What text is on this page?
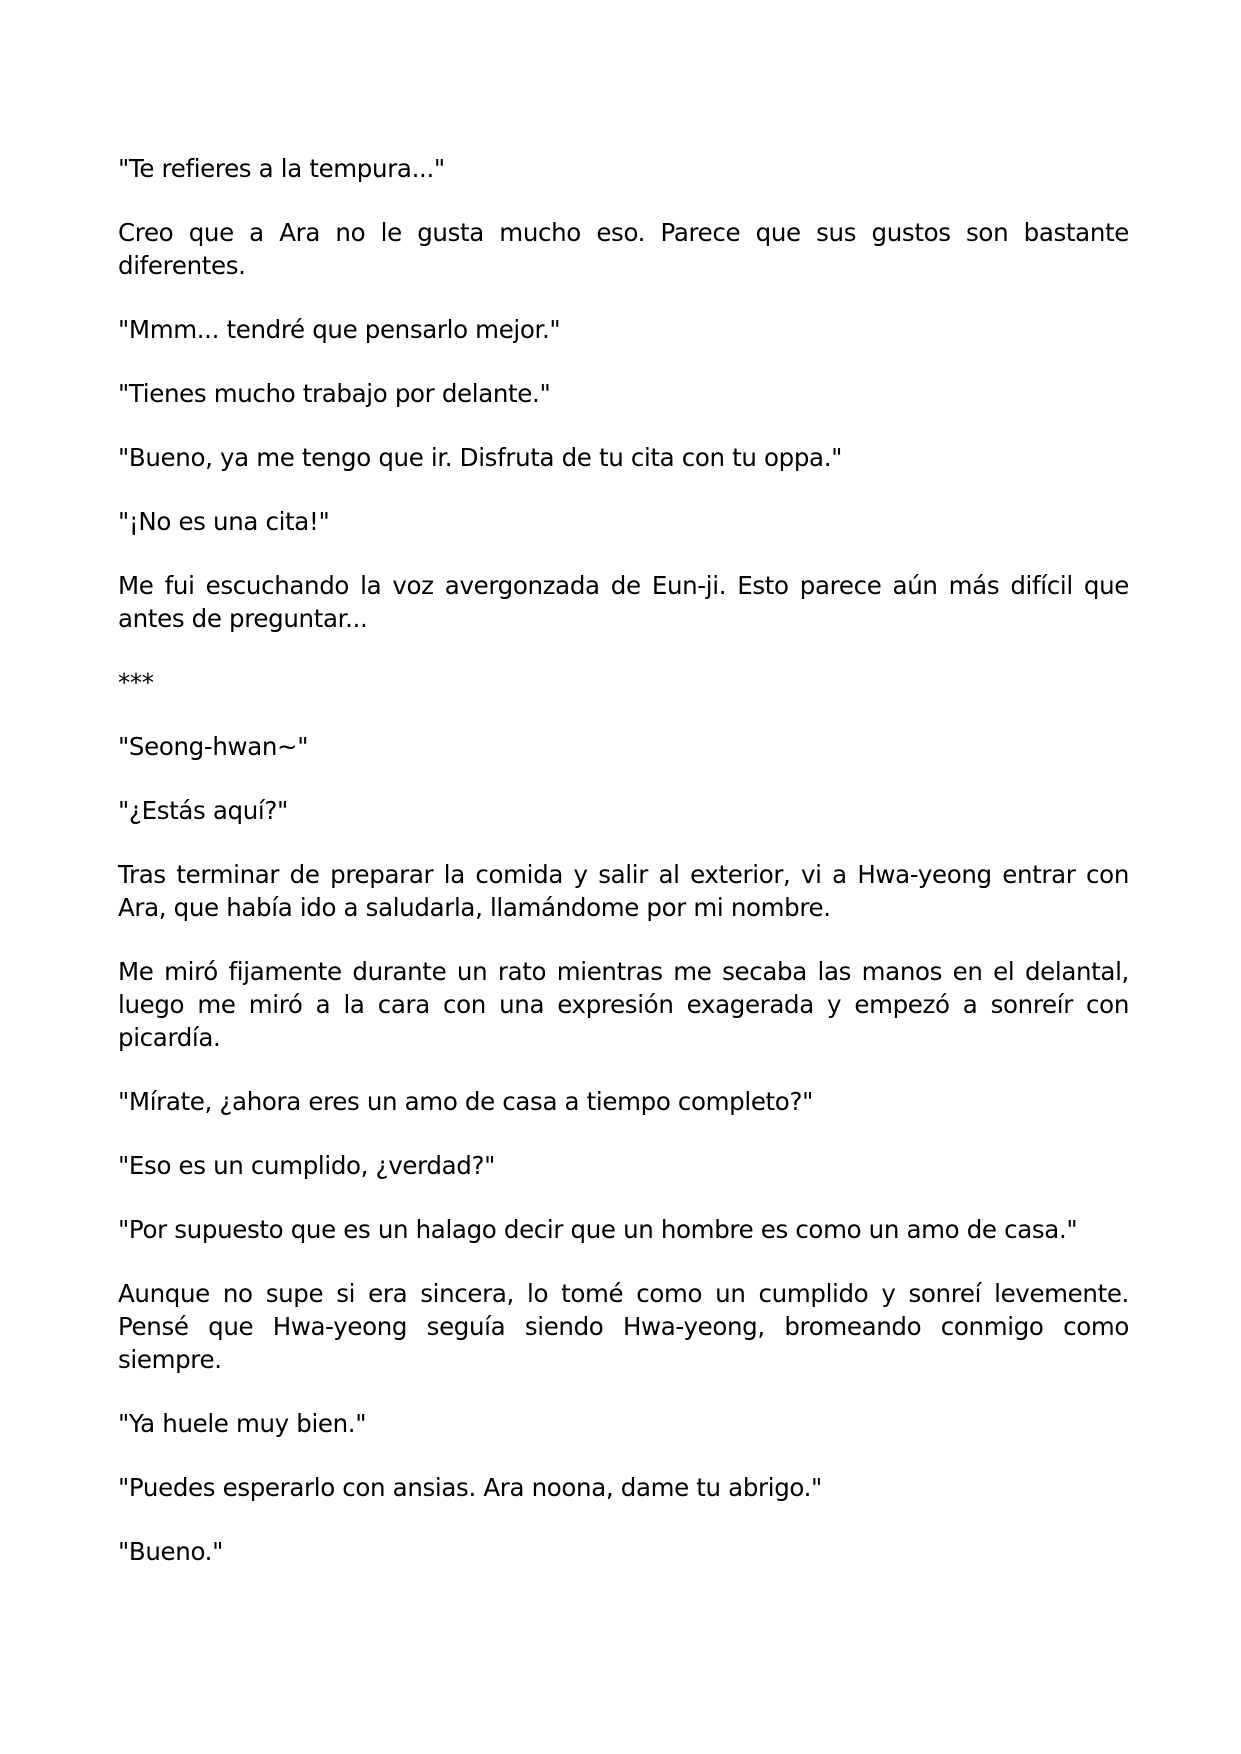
"Te refieres a la tempura..."

Creo que a Ara no le gusta mucho eso. Parece que sus gustos son bastante diferentes.

"Mmm... tendré que pensarlo mejor."

"Tienes mucho trabajo por delante."

"Bueno, ya me tengo que ir. Disfruta de tu cita con tu oppa."

"¡No es una cita!"

Me fui escuchando la voz avergonzada de Eun-ji. Esto parece aún más difícil que antes de preguntar...

***

"Seong-hwan~"

"¿Estás aquí?"

Tras terminar de preparar la comida y salir al exterior, vi a Hwa-yeong entrar con Ara, que había ido a saludarla, llamándome por mi nombre.

Me miró fijamente durante un rato mientras me secaba las manos en el delantal, luego me miró a la cara con una expresión exagerada y empezó a sonreír con picardía.

"Mírate, ¿ahora eres un amo de casa a tiempo completo?"

"Eso es un cumplido, ¿verdad?"

"Por supuesto que es un halago decir que un hombre es como un amo de casa."

Aunque no supe si era sincera, lo tomé como un cumplido y sonreí levemente. Pensé que Hwa-yeong seguía siendo Hwa-yeong, bromeando conmigo como siempre.

"Ya huele muy bien."

"Puedes esperarlo con ansias. Ara noona, dame tu abrigo."

"Bueno."
